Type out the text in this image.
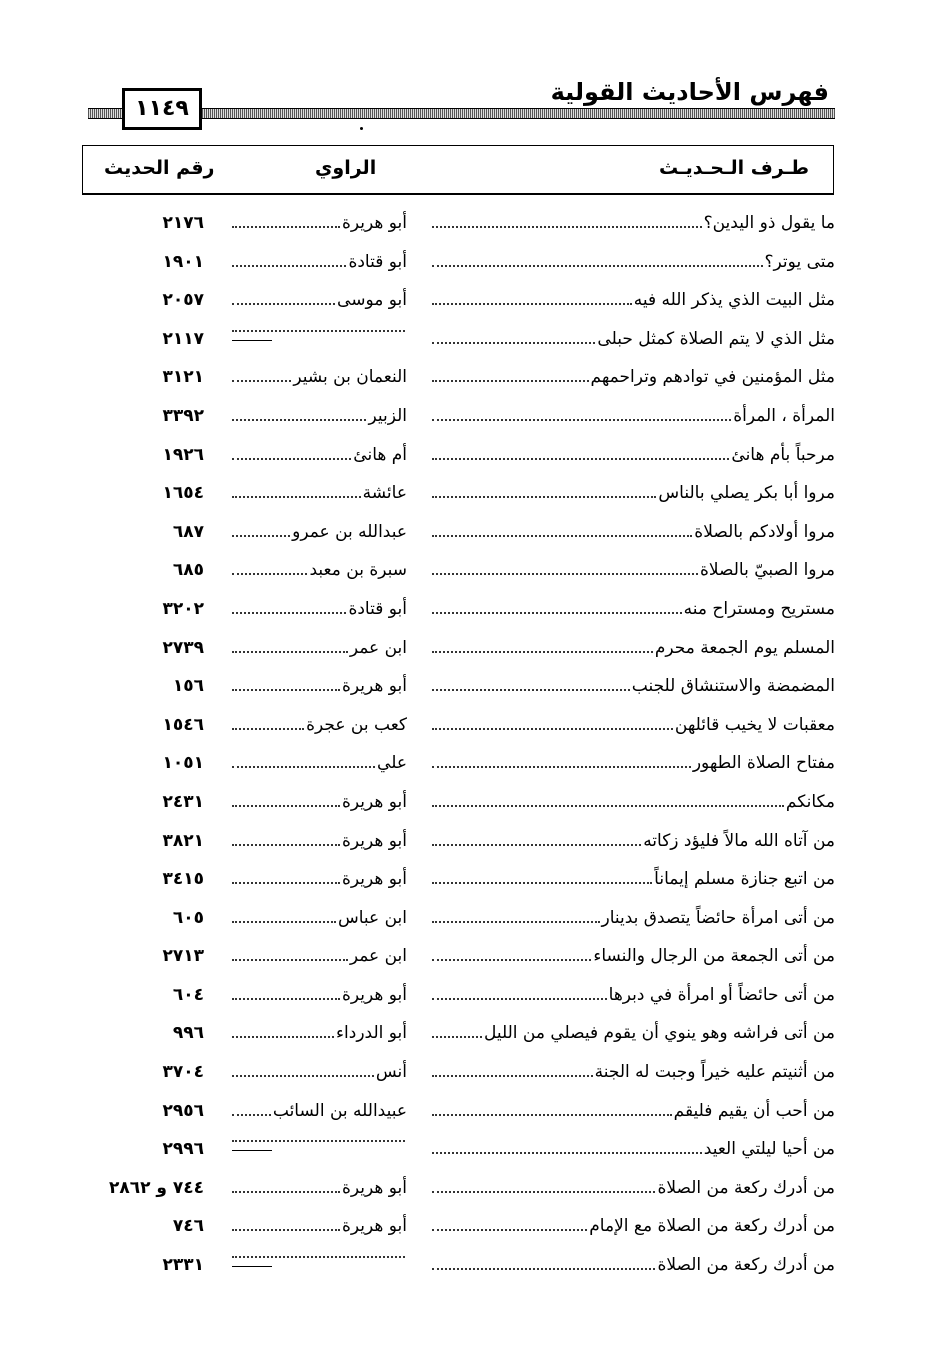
١١٤٩
فهرس الأحاديث القولية
طـرف الـحـديـث
الراوي
رقم الحديث
ما يقول ذو اليدين؟
أبو هريرة
٢١٧٦
متى يوتر؟
أبو قتادة
١٩٠١
مثل البيت الذي يذكر الله فيه
أبو موسى
٢٠٥٧
مثل الذي لا يتم الصلاة كمثل حبلى
٢١١٧
مثل المؤمنين في توادهم وتراحمهم
النعمان بن بشير
٣١٢١
المرأة ، المرأة
الزبير
٣٣٩٢
مرحباً بأم هانئ
أم هانئ
١٩٢٦
مروا أبا بكر يصلي بالناس
عائشة
١٦٥٤
مروا أولادكم بالصلاة
عبدالله بن عمرو
٦٨٧
مروا الصبيّ بالصلاة
سبرة بن معبد
٦٨٥
مستريح ومستراح منه
أبو قتادة
٣٢٠٢
المسلم يوم الجمعة محرم
ابن عمر
٢٧٣٩
المضمضة والاستنشاق للجنب
أبو هريرة
١٥٦
معقبات لا يخيب قائلهن
كعب بن عجرة
١٥٤٦
مفتاح الصلاة الطهور
علي
١٠٥١
مكانكم
أبو هريرة
٢٤٣١
من آتاه الله مالاً فليؤد زكاته
أبو هريرة
٣٨٢١
من اتبع جنازة مسلم إيماناً
أبو هريرة
٣٤١٥
من أتى امرأة حائضاً يتصدق بدينار
ابن عباس
٦٠٥
من أتى الجمعة من الرجال والنساء
ابن عمر
٢٧١٣
من أتى حائضاً أو امرأة في دبرها
أبو هريرة
٦٠٤
من أتى فراشه وهو ينوي أن يقوم فيصلي من الليل
أبو الدرداء
٩٩٦
من أثنيتم عليه خيراً وجبت له الجنة
أنس
٣٧٠٤
من أحب أن يقيم فليقم
عبيدالله بن السائب
٢٩٥٦
من أحيا ليلتي العيد
٢٩٩٦
من أدرك ركعة من الصلاة
أبو هريرة
٧٤٤ و ٢٨٦٢
من أدرك ركعة من الصلاة مع الإمام
أبو هريرة
٧٤٦
من أدرك ركعة من الصلاة
٢٣٣١
